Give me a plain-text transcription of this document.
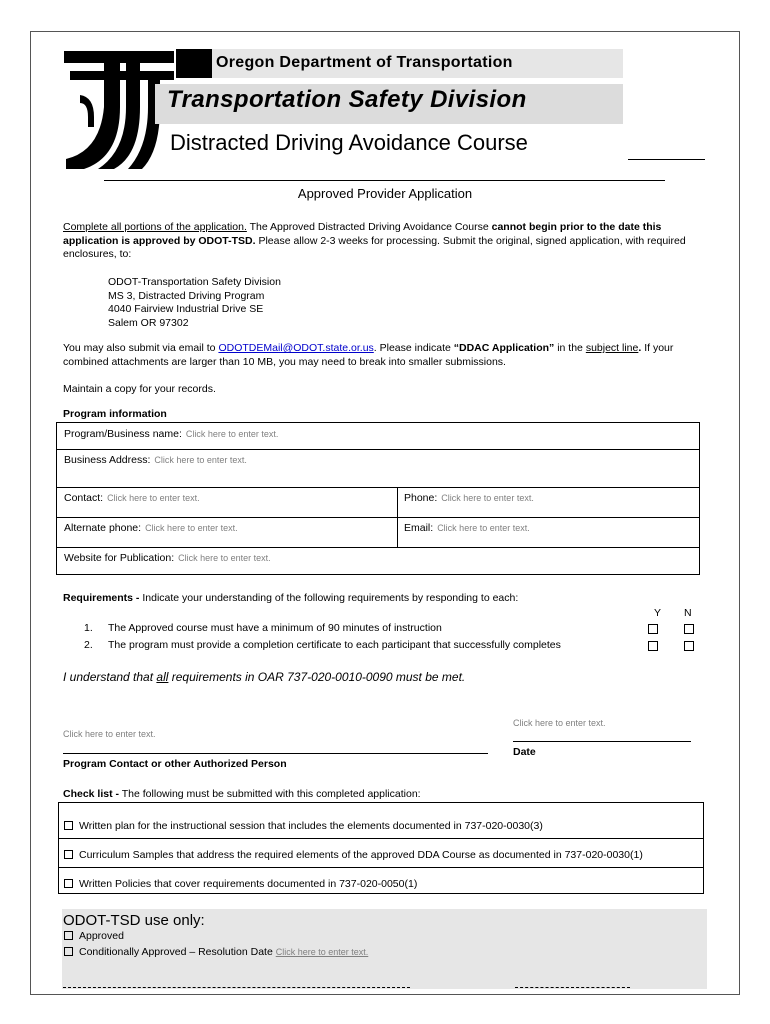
Oregon Department of Transportation
Transportation Safety Division
Distracted Driving Avoidance Course
Approved Provider Application
Complete all portions of the application. The Approved Distracted Driving Avoidance Course cannot begin prior to the date this application is approved by ODOT-TSD. Please allow 2-3 weeks for processing. Submit the original, signed application, with required enclosures, to:
ODOT-Transportation Safety Division
MS 3, Distracted Driving Program
4040 Fairview Industrial Drive SE
Salem OR 97302
You may also submit via email to ODOTDEMail@ODOT.state.or.us. Please indicate “DDAC Application” in the subject line. If your combined attachments are larger than 10 MB, you may need to break into smaller submissions.
Maintain a copy for your records.
Program information
Program/Business name: Click here to enter text.
Business Address: Click here to enter text.
Contact: Click here to enter text.	Phone: Click here to enter text.
Alternate phone: Click here to enter text.	Email: Click here to enter text.
Website for Publication: Click here to enter text.
Requirements - Indicate your understanding of the following requirements by responding to each:
Y N
1. The Approved course must have a minimum of 90 minutes of instruction
2. The program must provide a completion certificate to each participant that successfully completes
I understand that all requirements in OAR 737-020-0010-0090 must be met.
Click here to enter text.
Click here to enter text.
Program Contact or other Authorized Person
Date
Check list - The following must be submitted with this completed application:
Written plan for the instructional session that includes the elements documented in 737-020-0030(3)
Curriculum Samples that address the required elements of the approved DDA Course as documented in 737-020-0030(1)
Written Policies that cover requirements documented in 737-020-0050(1)
ODOT-TSD use only:
Approved
Conditionally Approved – Resolution Date Click here to enter text.
